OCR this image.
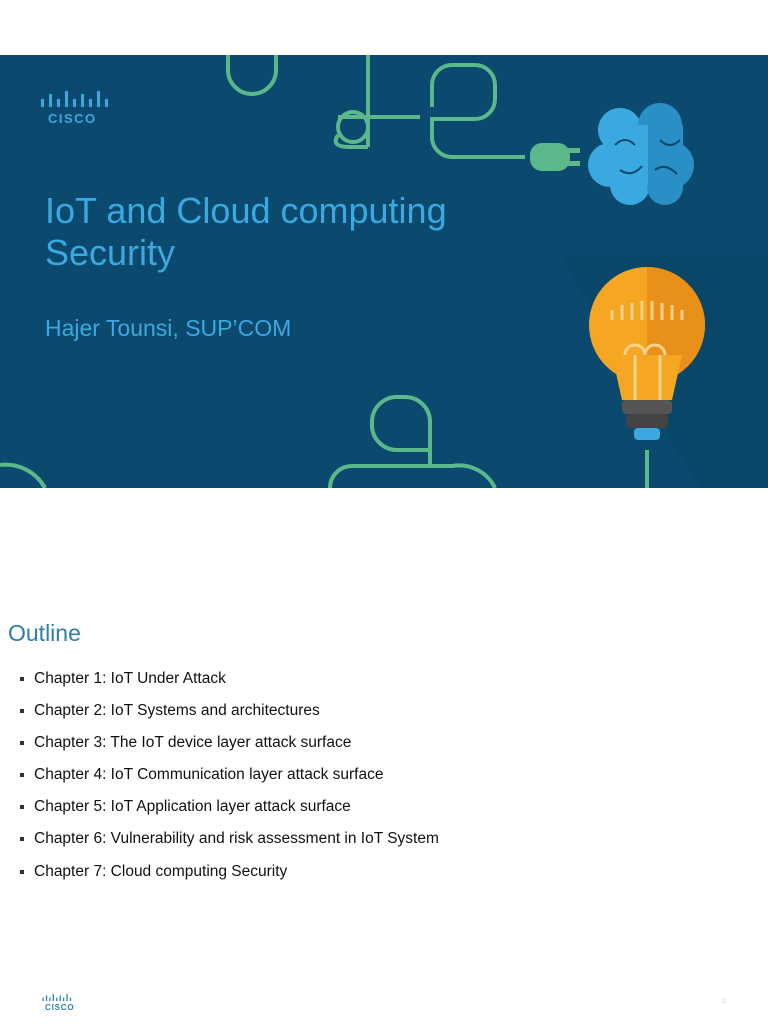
CISCO
IoT and Cloud computing Security

Hajer Tounsi, SUP’COM

Outline
Chapter 1: IoT Under Attack
Chapter 2: IoT Systems and architectures
Chapter 3: The IoT device layer attack surface
Chapter 4: IoT Communication layer attack surface
Chapter 5: IoT Application layer attack surface
Chapter 6: Vulnerability and risk assessment in IoT System
Chapter 7: Cloud computing Security
CISCO
2
